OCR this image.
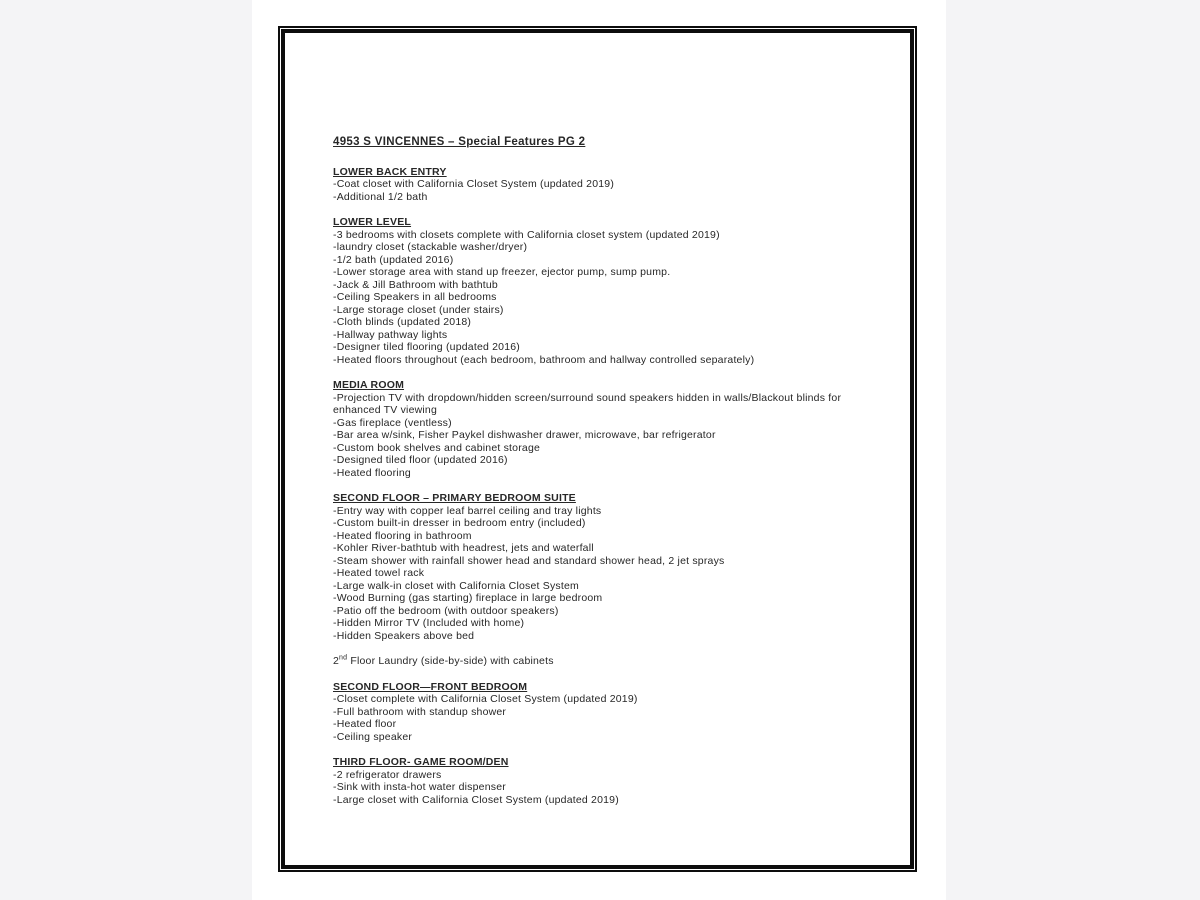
4953 S VINCENNES – Special Features PG 2

LOWER BACK ENTRY
-Coat closet with California Closet System (updated 2019)
-Additional 1/2 bath
LOWER LEVEL
-3 bedrooms with closets complete with California closet system (updated 2019)
-laundry closet (stackable washer/dryer)
-1/2 bath (updated 2016)
-Lower storage area with stand up freezer, ejector pump, sump pump.
-Jack & Jill Bathroom with bathtub
-Ceiling Speakers in all bedrooms
-Large storage closet (under stairs)
-Cloth blinds (updated 2018)
-Hallway pathway lights
-Designer tiled flooring (updated 2016)
-Heated floors throughout (each bedroom, bathroom and hallway controlled separately)
MEDIA ROOM
-Projection TV with dropdown/hidden screen/surround sound speakers hidden in walls/Blackout blinds for enhanced TV viewing
-Gas fireplace (ventless)
-Bar area w/sink, Fisher Paykel dishwasher drawer, microwave, bar refrigerator
-Custom book shelves and cabinet storage
-Designed tiled floor (updated 2016)
-Heated flooring
SECOND FLOOR – PRIMARY BEDROOM SUITE
-Entry way with copper leaf barrel ceiling and tray lights
-Custom built-in dresser in bedroom entry (included)
-Heated flooring in bathroom
-Kohler River-bathtub with headrest, jets and waterfall
-Steam shower with rainfall shower head and standard shower head, 2 jet sprays
-Heated towel rack
-Large walk-in closet with California Closet System
-Wood Burning (gas starting) fireplace in large bedroom
-Patio off the bedroom (with outdoor speakers)
-Hidden Mirror TV (Included with home)
-Hidden Speakers above bed

2nd Floor Laundry (side-by-side) with cabinets

SECOND FLOOR—FRONT BEDROOM
-Closet complete with California Closet System (updated 2019)
-Full bathroom with standup shower
-Heated floor
-Ceiling speaker
THIRD FLOOR- GAME ROOM/DEN
-2 refrigerator drawers
-Sink with insta-hot water dispenser
-Large closet with California Closet System (updated 2019)
